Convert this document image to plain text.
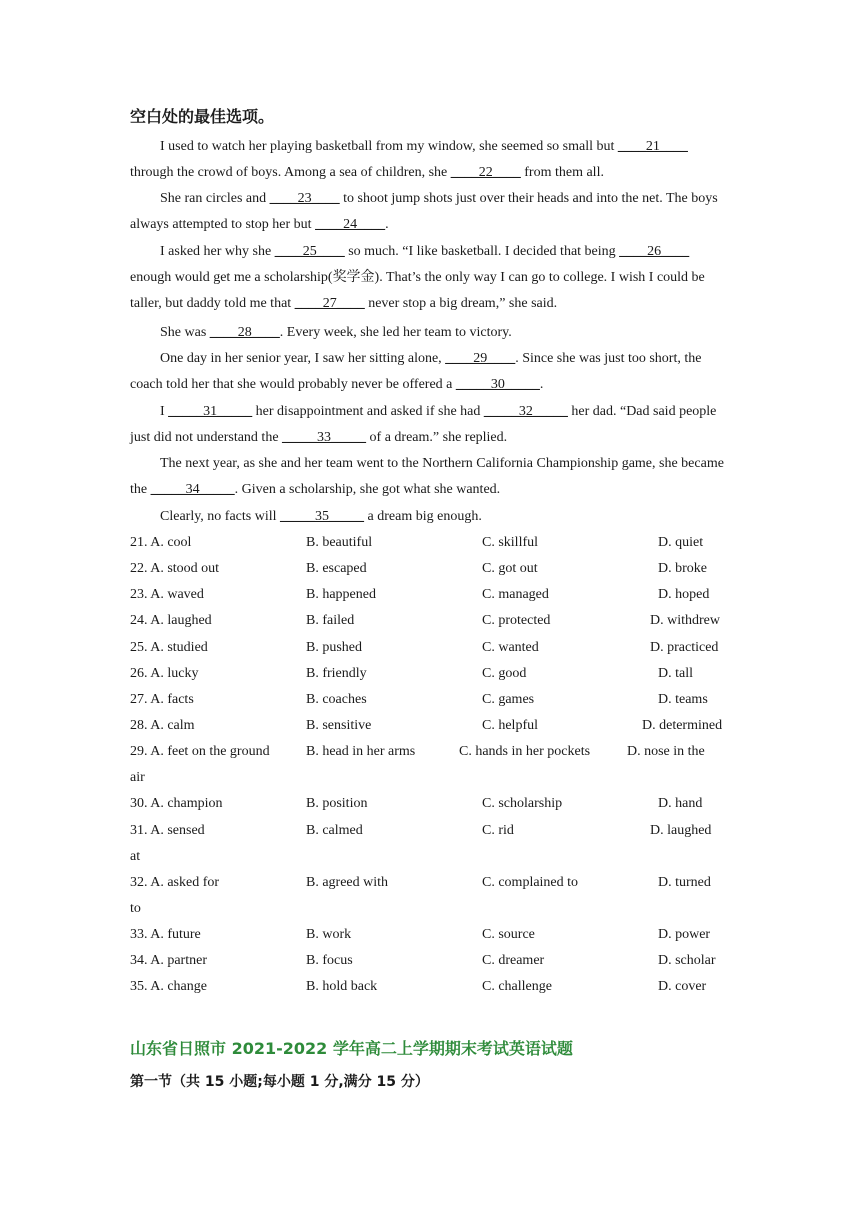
空白处的最佳选项。

I used to watch her playing basketball from my window, she seemed so small but ____21____ through the crowd of boys. Among a sea of children, she ____22____ from them all.

She ran circles and ____23____ to shoot jump shots just over their heads and into the net. The boys always attempted to stop her but ____24____.

I asked her why she ____25____ so much. “I like basketball. I decided that being ____26____ enough would get me a scholarship(奖学金). That’s the only way I can go to college. I wish I could be taller, but daddy told me that ____27____ never stop a big dream,” she said.

She was ____28____. Every week, she led her team to victory.

One day in her senior year, I saw her sitting alone, ____29____. Since she was just too short, the coach told her that she would probably never be offered a _____30_____.

I _____31_____ her disappointment and asked if she had _____32_____ her dad. “Dad said people just did not understand the _____33_____ of a dream.” she replied.

The next year, as she and her team went to the Northern California Championship game, she became the _____34_____. Given a scholarship, she got what she wanted.

Clearly, no facts will _____35_____ a dream big enough.

21. A. cool	B. beautiful	C. skillful	D. quiet
22. A. stood out	B. escaped	C. got out	D. broke
23. A. waved	B. happened	C. managed	D. hoped
24. A. laughed	B. failed	C. protected	D. withdrew
25. A. studied	B. pushed	C. wanted	D. practiced
26. A. lucky	B. friendly	C. good	D. tall
27. A. facts	B. coaches	C. games	D. teams
28. A. calm	B. sensitive	C. helpful	D. determined
29. A. feet on the ground	B. head in her arms	C. hands in her pockets	D. nose in the
air
30. A. champion	B. position	C. scholarship	D. hand
31. A. sensed	B. calmed	C. rid	D. laughed
at
32. A. asked for	B. agreed with	C. complained to	D. turned
to
33. A. future	B. work	C. source	D. power
34. A. partner	B. focus	C. dreamer	D. scholar
35. A. change	B. hold back	C. challenge	D. cover
山东省日照市 2021-2022 学年高二上学期期末考试英语试题
第一节（共 15 小题;每小题 1 分,满分 15 分）
